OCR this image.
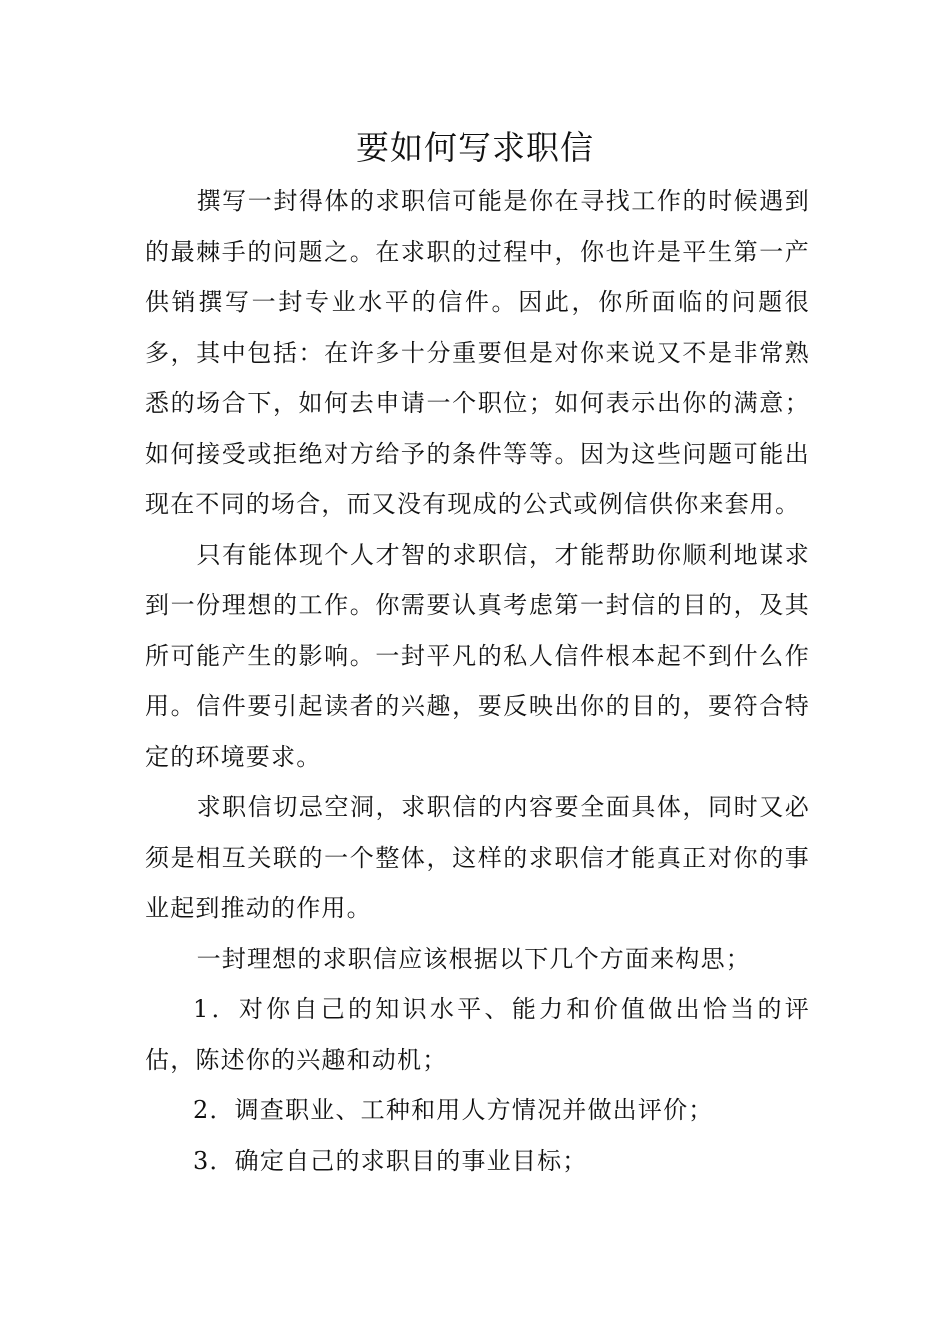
要如何写求职信

撰写一封得体的求职信可能是你在寻找工作的时候遇到的最棘手的问题之。在求职的过程中，你也许是平生第一产供销撰写一封专业水平的信件。因此，你所面临的问题很多，其中包括：在许多十分重要但是对你来说又不是非常熟悉的场合下，如何去申请一个职位；如何表示出你的满意；如何接受或拒绝对方给予的条件等等。因为这些问题可能出现在不同的场合，而又没有现成的公式或例信供你来套用。

只有能体现个人才智的求职信，才能帮助你顺利地谋求到一份理想的工作。你需要认真考虑第一封信的目的，及其所可能产生的影响。一封平凡的私人信件根本起不到什么作用。信件要引起读者的兴趣，要反映出你的目的，要符合特定的环境要求。

求职信切忌空洞，求职信的内容要全面具体，同时又必须是相互关联的一个整体，这样的求职信才能真正对你的事业起到推动的作用。

一封理想的求职信应该根据以下几个方面来构思；

1．对你自己的知识水平、能力和价值做出恰当的评估，陈述你的兴趣和动机；

2．调查职业、工种和用人方情况并做出评价；

3．确定自己的求职目的事业目标；
